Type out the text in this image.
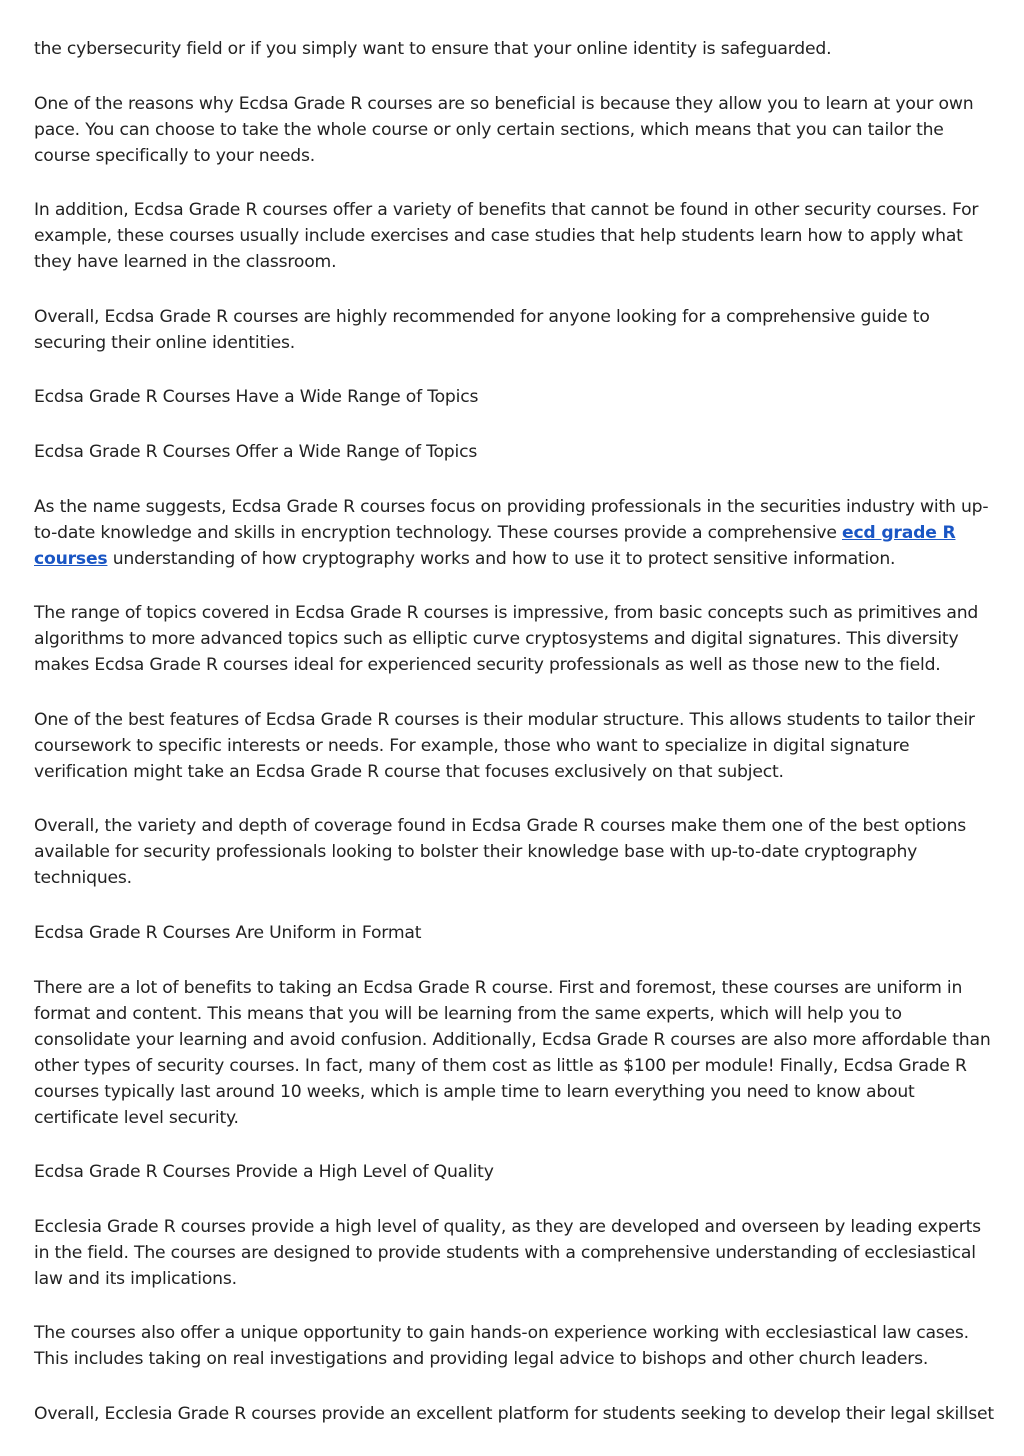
the cybersecurity field or if you simply want to ensure that your online identity is safeguarded.

One of the reasons why Ecdsa Grade R courses are so beneficial is because they allow you to learn at your own pace. You can choose to take the whole course or only certain sections, which means that you can tailor the course specifically to your needs.

In addition, Ecdsa Grade R courses offer a variety of benefits that cannot be found in other security courses. For example, these courses usually include exercises and case studies that help students learn how to apply what they have learned in the classroom.

Overall, Ecdsa Grade R courses are highly recommended for anyone looking for a comprehensive guide to securing their online identities.

Ecdsa Grade R Courses Have a Wide Range of Topics

Ecdsa Grade R Courses Offer a Wide Range of Topics

As the name suggests, Ecdsa Grade R courses focus on providing professionals in the securities industry with up-to-date knowledge and skills in encryption technology. These courses provide a comprehensive ecd grade R courses understanding of how cryptography works and how to use it to protect sensitive information.

The range of topics covered in Ecdsa Grade R courses is impressive, from basic concepts such as primitives and algorithms to more advanced topics such as elliptic curve cryptosystems and digital signatures. This diversity makes Ecdsa Grade R courses ideal for experienced security professionals as well as those new to the field.

One of the best features of Ecdsa Grade R courses is their modular structure. This allows students to tailor their coursework to specific interests or needs. For example, those who want to specialize in digital signature verification might take an Ecdsa Grade R course that focuses exclusively on that subject.

Overall, the variety and depth of coverage found in Ecdsa Grade R courses make them one of the best options available for security professionals looking to bolster their knowledge base with up-to-date cryptography techniques.

Ecdsa Grade R Courses Are Uniform in Format

There are a lot of benefits to taking an Ecdsa Grade R course. First and foremost, these courses are uniform in format and content. This means that you will be learning from the same experts, which will help you to consolidate your learning and avoid confusion. Additionally, Ecdsa Grade R courses are also more affordable than other types of security courses. In fact, many of them cost as little as $100 per module! Finally, Ecdsa Grade R courses typically last around 10 weeks, which is ample time to learn everything you need to know about certificate level security.

Ecdsa Grade R Courses Provide a High Level of Quality

Ecclesia Grade R courses provide a high level of quality, as they are developed and overseen by leading experts in the field. The courses are designed to provide students with a comprehensive understanding of ecclesiastical law and its implications.

The courses also offer a unique opportunity to gain hands-on experience working with ecclesiastical law cases. This includes taking on real investigations and providing legal advice to bishops and other church leaders.

Overall, Ecclesia Grade R courses provide an excellent platform for students seeking to develop their legal skillset
